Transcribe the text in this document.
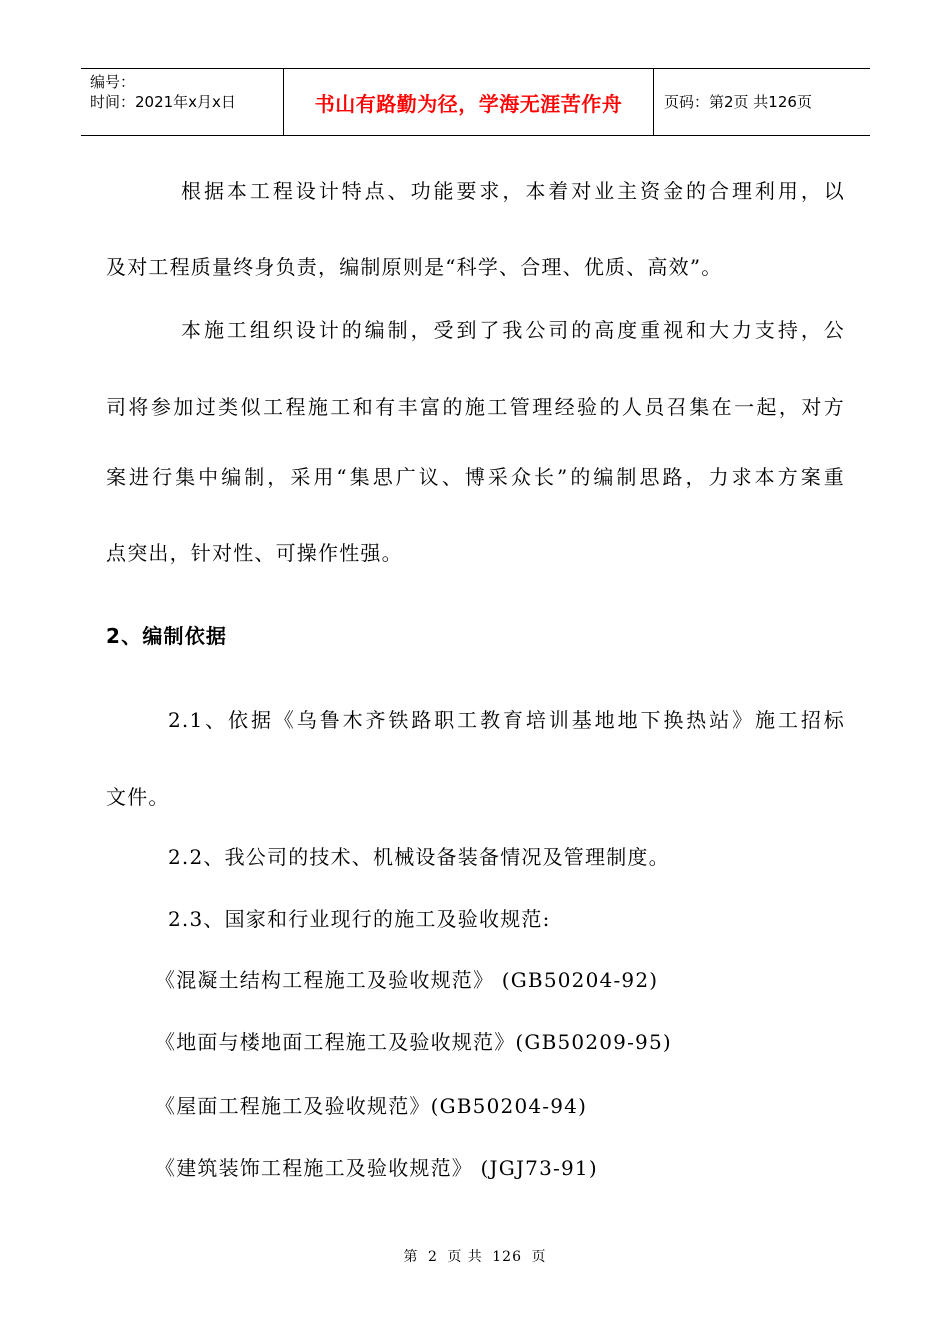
编号：
时间：2021年x月x日	书山有路勤为径，学海无涯苦作舟	页码：第2页 共126页
根据本工程设计特点、功能要求，本着对业主资金的合理利用，以
及对工程质量终身负责，编制原则是“科学、合理、优质、高效”。
本施工组织设计的编制，受到了我公司的高度重视和大力支持，公
司将参加过类似工程施工和有丰富的施工管理经验的人员召集在一起，对方
案进行集中编制，采用“集思广议、博采众长”的编制思路，力求本方案重
点突出，针对性、可操作性强。
2、编制依据
2.1、依据《乌鲁木齐铁路职工教育培训基地地下换热站》施工招标
文件。
2.2、我公司的技术、机械设备装备情况及管理制度。
2.3、国家和行业现行的施工及验收规范:
《混凝土结构工程施工及验收规范》 (GB50204-92)
《地面与楼地面工程施工及验收规范》(GB50209-95)
《屋面工程施工及验收规范》(GB50204-94)
《建筑装饰工程施工及验收规范》 (JGJ73-91)
第 2 页 共 126 页
